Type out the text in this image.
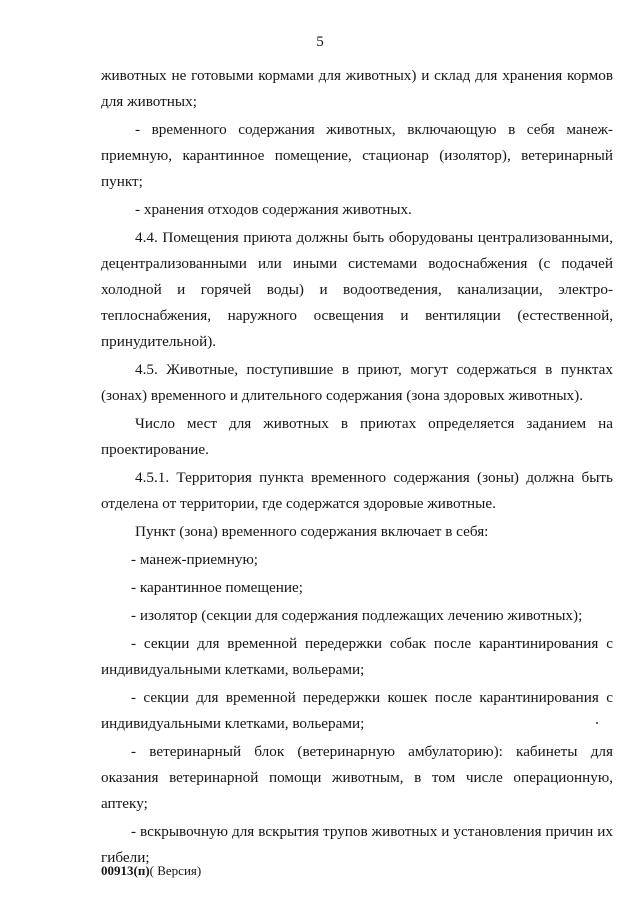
5

животных не готовыми кормами для животных) и склад для хранения кормов для животных;

- временного содержания животных, включающую в себя манеж-приемную, карантинное помещение, стационар (изолятор), ветеринарный пункт;

- хранения отходов содержания животных.

4.4. Помещения приюта должны быть оборудованы централизованными, децентрализованными или иными системами водоснабжения (с подачей холодной и горячей воды) и водоотведения, канализации, электро-теплоснабжения, наружного освещения и вентиляции (естественной, принудительной).

4.5. Животные, поступившие в приют, могут содержаться в пунктах (зонах) временного и длительного содержания (зона здоровых животных).

Число мест для животных в приютах определяется заданием на проектирование.

4.5.1. Территория пункта временного содержания (зоны) должна быть отделена от территории, где содержатся здоровые животные.

Пункт (зона) временного содержания включает в себя:

- манеж-приемную;

- карантинное помещение;

- изолятор (секции для содержания подлежащих лечению животных);

- секции для временной передержки собак после карантинирования с индивидуальными клетками, вольерами;

- секции для временной передержки кошек после карантинирования с индивидуальными клетками, вольерами;

- ветеринарный блок (ветеринарную амбулаторию): кабинеты для оказания ветеринарной помощи животным, в том числе операционную, аптеку;

- вскрывочную для вскрытия трупов животных и установления причин их гибели;

00913(п)( Версия)
